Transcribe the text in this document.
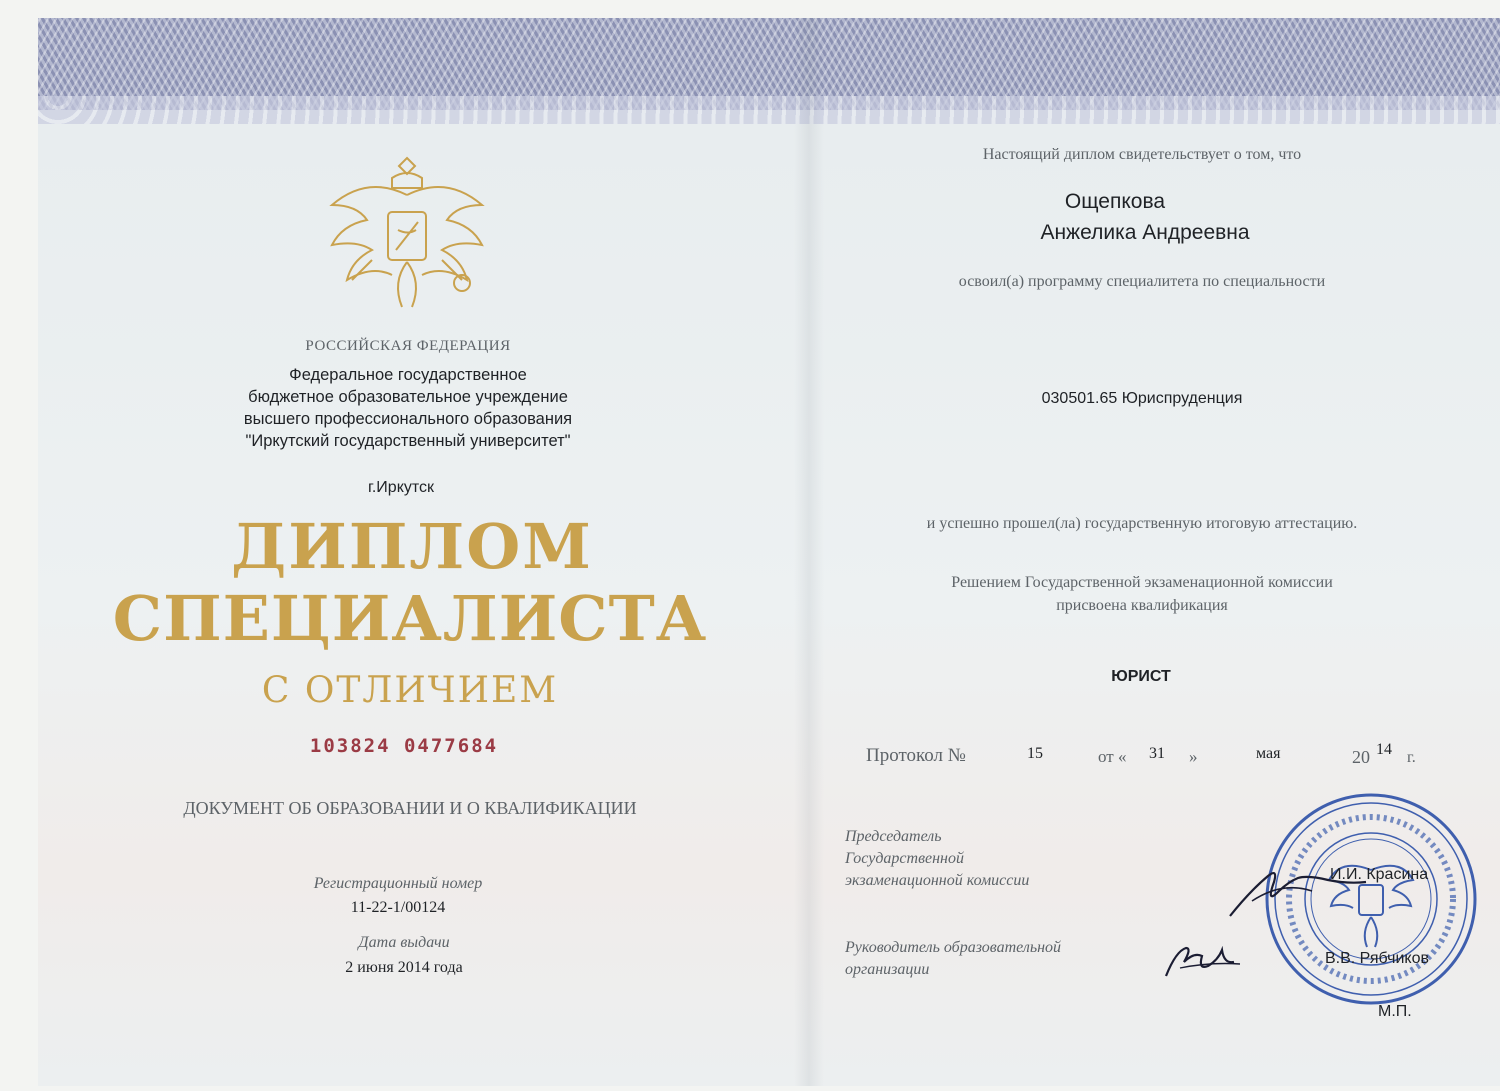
РОССИЙСКАЯ ФЕДЕРАЦИЯ
Федеральное государственное
бюджетное образовательное учреждение
высшего профессионального образования
"Иркутский государственный университет"
г.Иркутск
ДИПЛОМ
СПЕЦИАЛИСТА
С ОТЛИЧИЕМ
103824 0477684
ДОКУМЕНТ ОБ ОБРАЗОВАНИИ И О КВАЛИФИКАЦИИ
Регистрационный номер
11-22-1/00124
Дата выдачи
2 июня 2014 года
Настоящий диплом свидетельствует о том, что
Ощепкова
Анжелика Андреевна
освоил(а) программу специалитета по специальности
030501.65 Юриспруденция
и успешно прошел(ла) государственную итоговую аттестацию.
Решением Государственной экзаменационной комиссии
присвоена квалификация
ЮРИСТ
Протокол №	15	от « 31 »	мая	20 14 г.
Председатель
Государственной
экзаменационной комиссии
Руководитель образовательной
организации
И.И. Красина
В.В. Рябчиков
М.П.
